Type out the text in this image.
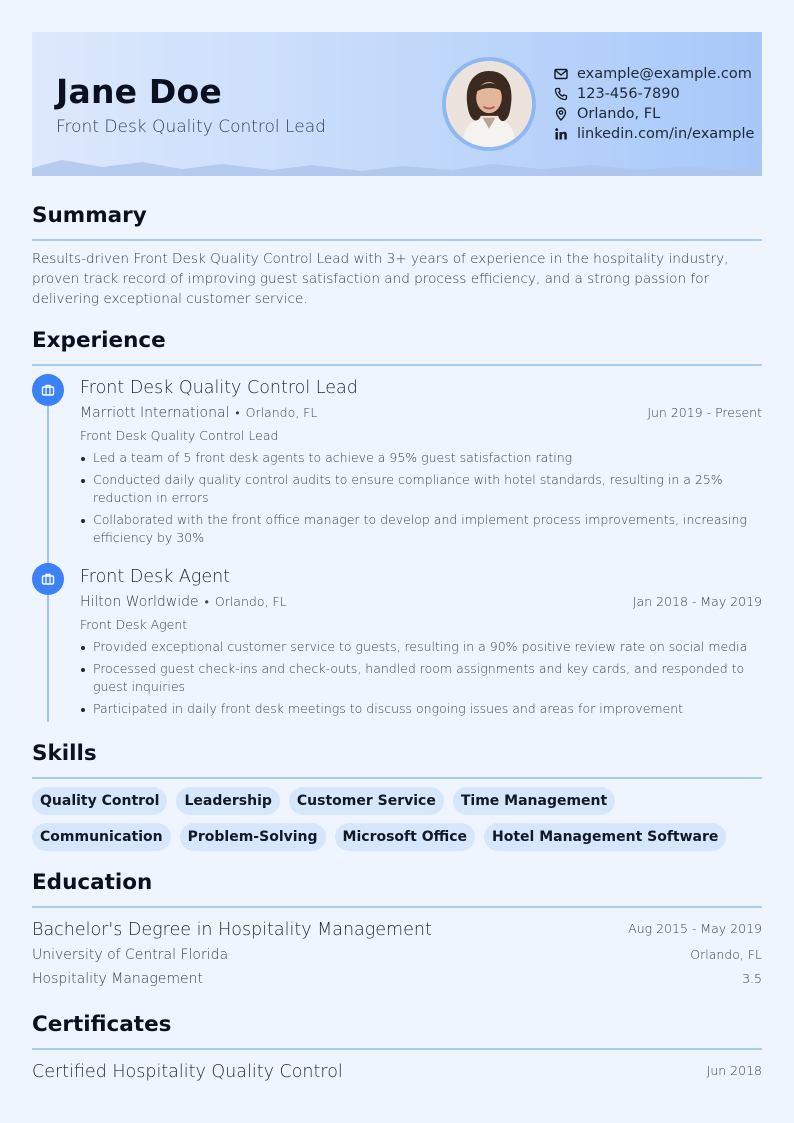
Jane Doe
Front Desk Quality Control Lead
example@example.com
123-456-7890
Orlando, FL
linkedin.com/in/example
Summary
Results-driven Front Desk Quality Control Lead with 3+ years of experience in the hospitality industry, proven track record of improving guest satisfaction and process efficiency, and a strong passion for delivering exceptional customer service.
Experience
Front Desk Quality Control Lead
Marriott International • Orlando, FL	Jun 2019 - Present
Front Desk Quality Control Lead
Led a team of 5 front desk agents to achieve a 95% guest satisfaction rating
Conducted daily quality control audits to ensure compliance with hotel standards, resulting in a 25% reduction in errors
Collaborated with the front office manager to develop and implement process improvements, increasing efficiency by 30%
Front Desk Agent
Hilton Worldwide • Orlando, FL	Jan 2018 - May 2019
Front Desk Agent
Provided exceptional customer service to guests, resulting in a 90% positive review rate on social media
Processed guest check-ins and check-outs, handled room assignments and key cards, and responded to guest inquiries
Participated in daily front desk meetings to discuss ongoing issues and areas for improvement
Skills
Quality Control	Leadership	Customer Service	Time Management
Communication	Problem-Solving	Microsoft Office	Hotel Management Software
Education
Bachelor's Degree in Hospitality Management	Aug 2015 - May 2019
University of Central Florida	Orlando, FL
Hospitality Management	3.5
Certificates
Certified Hospitality Quality Control	Jun 2018
